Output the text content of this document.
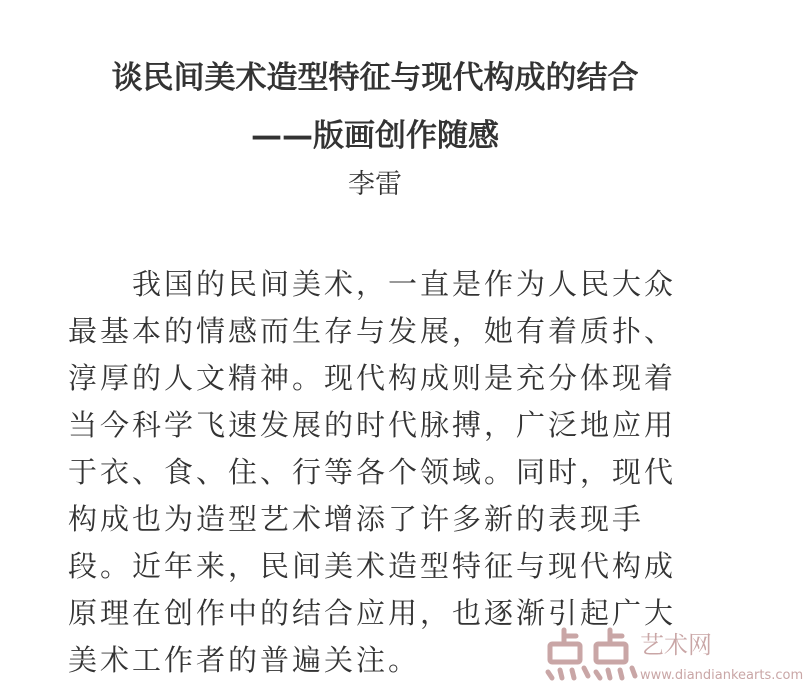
谈民间美术造型特征与现代构成的结合
——版画创作随感
李雷
　　我国的民间美术，一直是作为人民大众
最基本的情感而生存与发展，她有着质扑、
淳厚的人文精神。现代构成则是充分体现着
当今科学飞速发展的时代脉搏，广泛地应用
于衣、食、住、行等各个领域。同时，现代
构成也为造型艺术增添了许多新的表现手
段。近年来，民间美术造型特征与现代构成
原理在创作中的结合应用，也逐渐引起广大
美术工作者的普遍关注。	艺术网
www.diandiankearts.com
